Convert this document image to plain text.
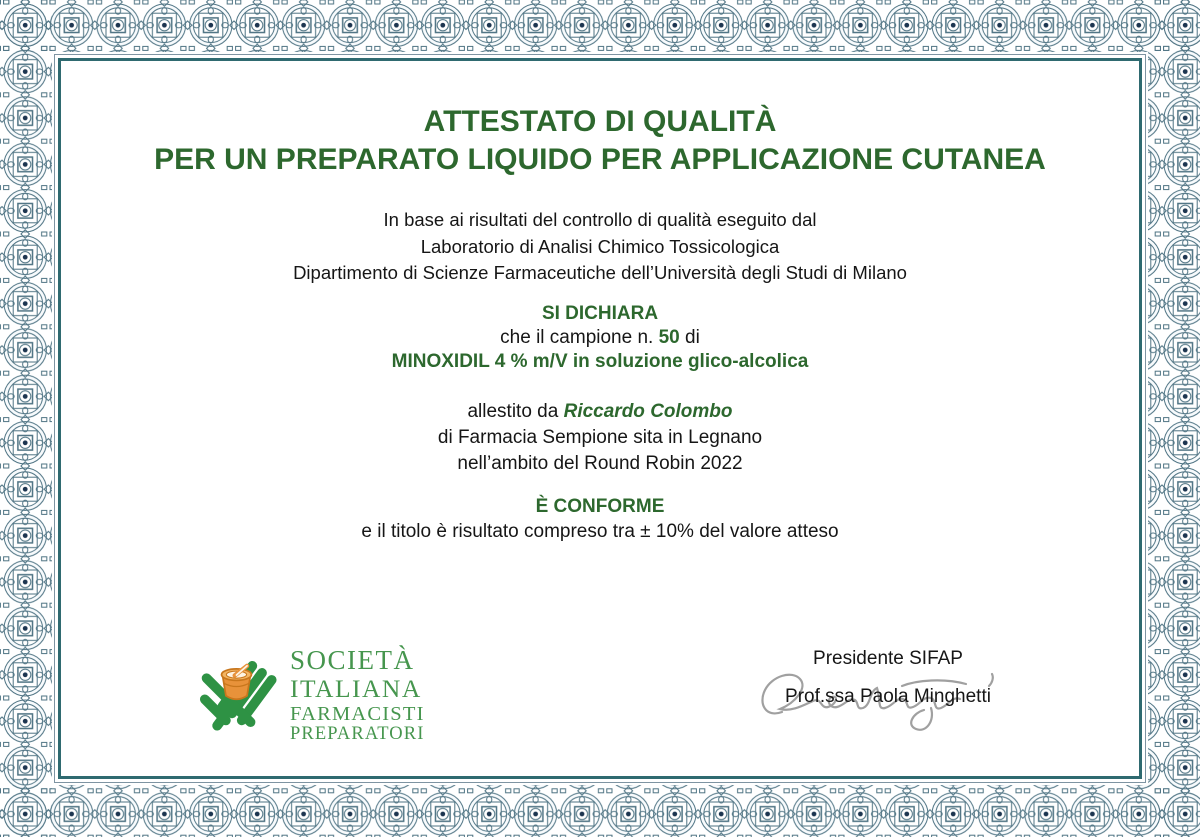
ATTESTATO DI QUALITÀ
PER UN PREPARATO LIQUIDO PER APPLICAZIONE CUTANEA
In base ai risultati del controllo di qualità eseguito dal
Laboratorio di Analisi Chimico Tossicologica
Dipartimento di Scienze Farmaceutiche dell’Università degli Studi di Milano
SI DICHIARA
che il campione n. 50 di
MINOXIDIL 4 % m/V in soluzione glico-alcolica
allestito da Riccardo Colombo
di Farmacia Sempione sita in Legnano
nell’ambito del Round Robin 2022
È CONFORME
e il titolo è risultato compreso tra ± 10% del valore atteso
SOCIETÀ
ITALIANA
FARMACISTI
PREPARATORI
Presidente SIFAP
Prof.ssa Paola Minghetti
